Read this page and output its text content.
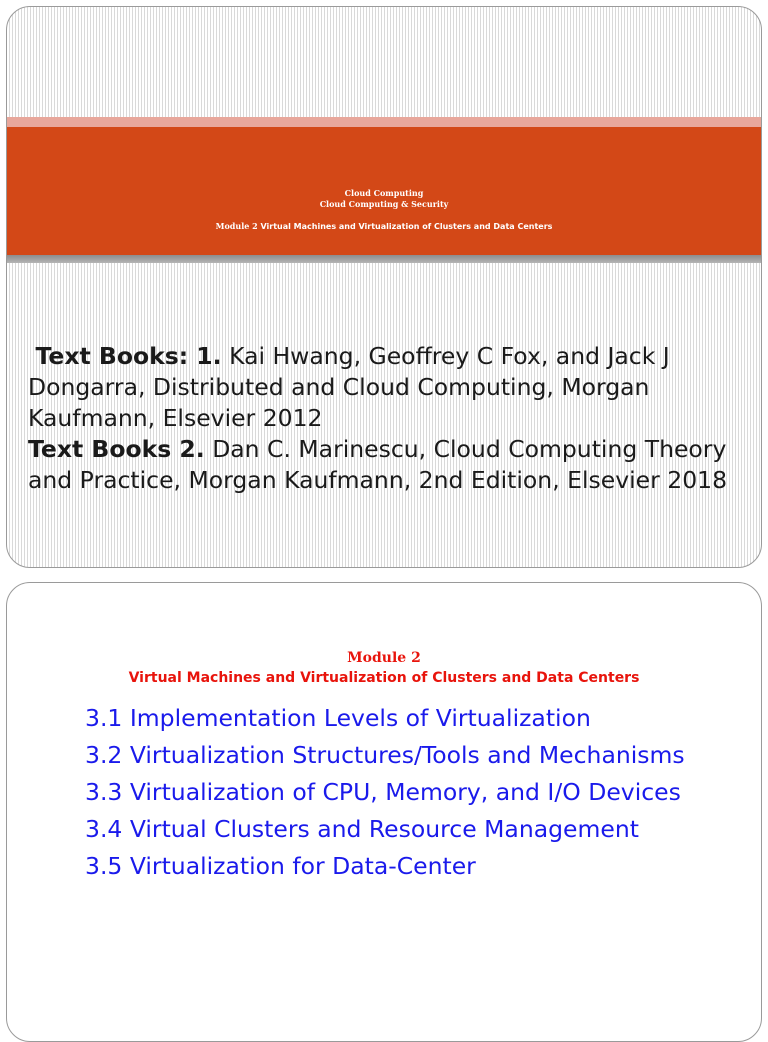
Cloud Computing
Cloud Computing & Security
Module 2 Virtual Machines and Virtualization of Clusters and Data Centers
Text Books: 1. Kai Hwang, Geoffrey C Fox, and Jack J Dongarra, Distributed and Cloud Computing, Morgan Kaufmann, Elsevier 2012
Text Books 2. Dan C. Marinescu, Cloud Computing Theory and Practice, Morgan Kaufmann, 2nd Edition, Elsevier 2018
Module 2
Virtual Machines and Virtualization of Clusters and Data Centers
3.1 Implementation Levels of Virtualization
3.2 Virtualization Structures/Tools and Mechanisms
3.3 Virtualization of CPU, Memory, and I/O Devices
3.4 Virtual Clusters and Resource Management
3.5 Virtualization for Data-Center
